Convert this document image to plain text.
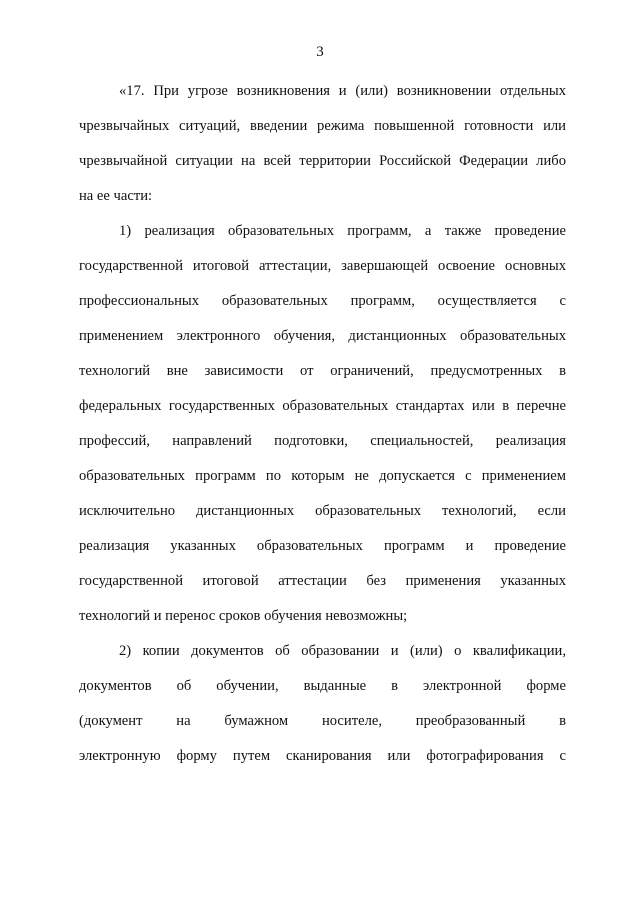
3
«17. При угрозе возникновения и (или) возникновении отдельных
чрезвычайных ситуаций, введении режима повышенной готовности или
чрезвычайной ситуации на всей территории Российской Федерации либо
на ее части:
1) реализация образовательных программ, а также проведение
государственной итоговой аттестации, завершающей освоение основных
профессиональных образовательных программ, осуществляется с
применением электронного обучения, дистанционных образовательных
технологий вне зависимости от ограничений, предусмотренных в
федеральных государственных образовательных стандартах или в перечне
профессий, направлений подготовки, специальностей, реализация
образовательных программ по которым не допускается с применением
исключительно дистанционных образовательных технологий, если
реализация указанных образовательных программ и проведение
государственной итоговой аттестации без применения указанных
технологий и перенос сроков обучения невозможны;
2) копии документов об образовании и (или) о квалификации,
документов об обучении, выданные в электронной форме
(документ на бумажном носителе, преобразованный в
электронную форму путем сканирования или фотографирования с
